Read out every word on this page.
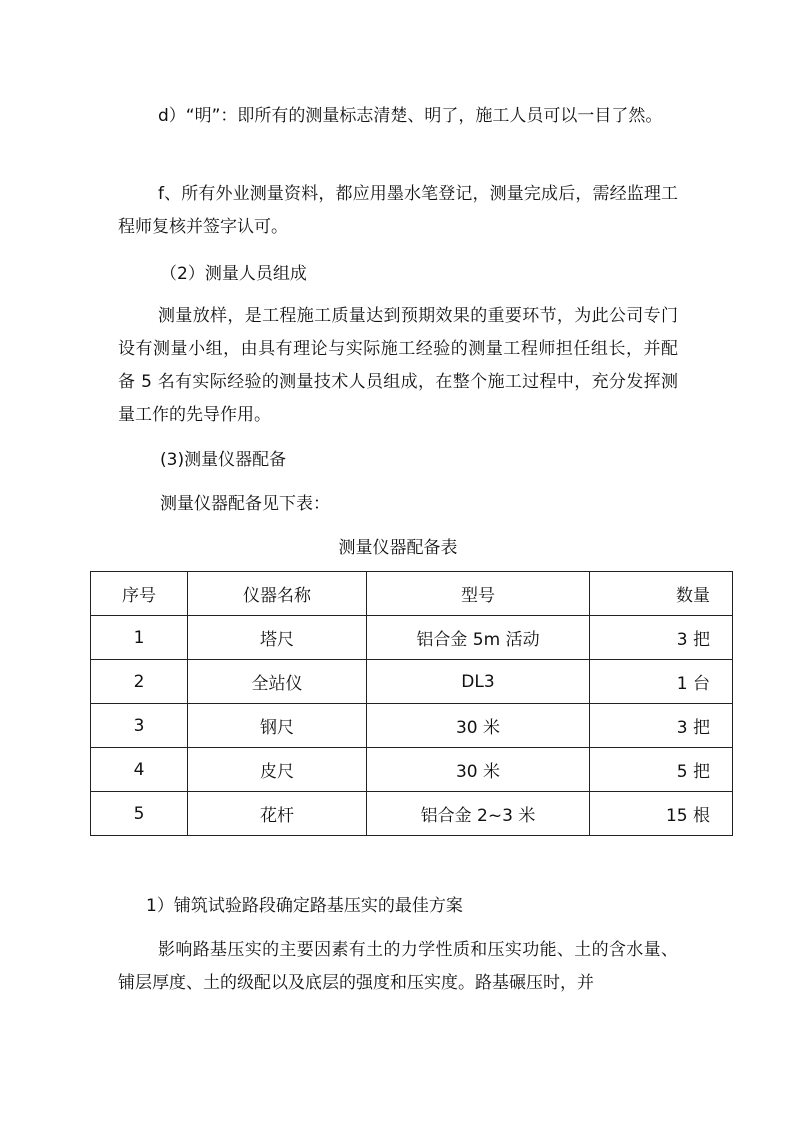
d）“明”：即所有的测量标志清楚、明了，施工人员可以一目了然。

f、所有外业测量资料，都应用墨水笔登记，测量完成后，需经监理工程师复核并签字认可。

（2）测量人员组成

测量放样，是工程施工质量达到预期效果的重要环节，为此公司专门设有测量小组，由具有理论与实际施工经验的测量工程师担任组长，并配备 5 名有实际经验的测量技术人员组成，在整个施工过程中，充分发挥测量工作的先导作用。

(3)测量仪器配备

测量仪器配备见下表：

测量仪器配备表

序号	仪器名称	型号	数量
1	塔尺	铝合金 5m 活动	3 把
2	全站仪	DL3	1 台
3	钢尺	30 米	3 把
4	皮尺	30 米	5 把
5	花杆	铝合金 2~3 米	15 根

1）铺筑试验路段确定路基压实的最佳方案

影响路基压实的主要因素有土的力学性质和压实功能、土的含水量、铺层厚度、土的级配以及底层的强度和压实度。路基碾压时，并
